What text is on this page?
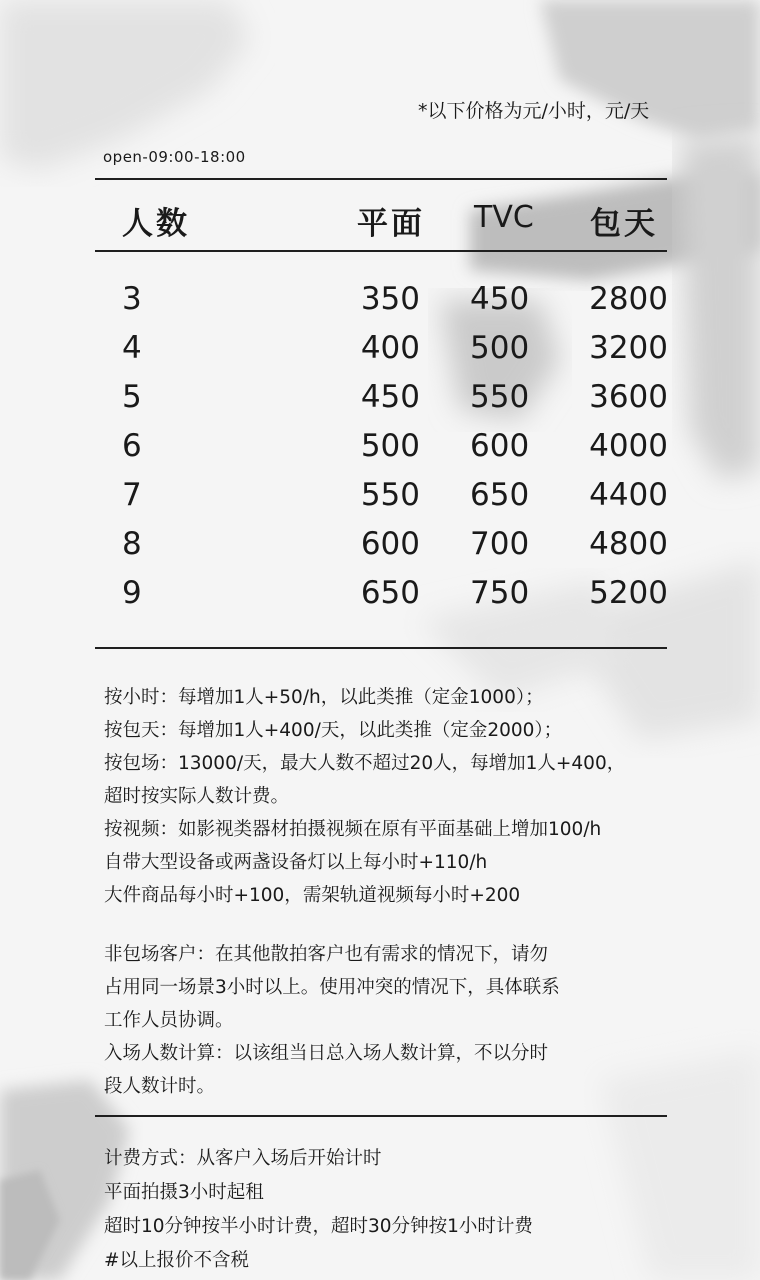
*以下价格为元/小时，元/天
open-09:00-18:00
人数	平面 TVC 包天
3	350 450 2800
4	400 500 3200
5	450 550 3600
6	500 600 4000
7	550 650 4400
8	600 700 4800
9	650 750 5200

按小时：每增加1人+50/h，以此类推（定金1000）；

按包天：每增加1人+400/天，以此类推（定金2000）；

按包场：13000/天，最大人数不超过20人，每增加1人+400，

超时按实际人数计费。

按视频：如影视类器材拍摄视频在原有平面基础上增加100/h

自带大型设备或两盏设备灯以上每小时+110/h

大件商品每小时+100，需架轨道视频每小时+200

非包场客户：在其他散拍客户也有需求的情况下，请勿

占用同一场景3小时以上。使用冲突的情况下，具体联系

工作人员协调。

入场人数计算：以该组当日总入场人数计算，不以分时

段人数计时。

计费方式：从客户入场后开始计时

平面拍摄3小时起租

超时10分钟按半小时计费，超时30分钟按1小时计费

#以上报价不含税
